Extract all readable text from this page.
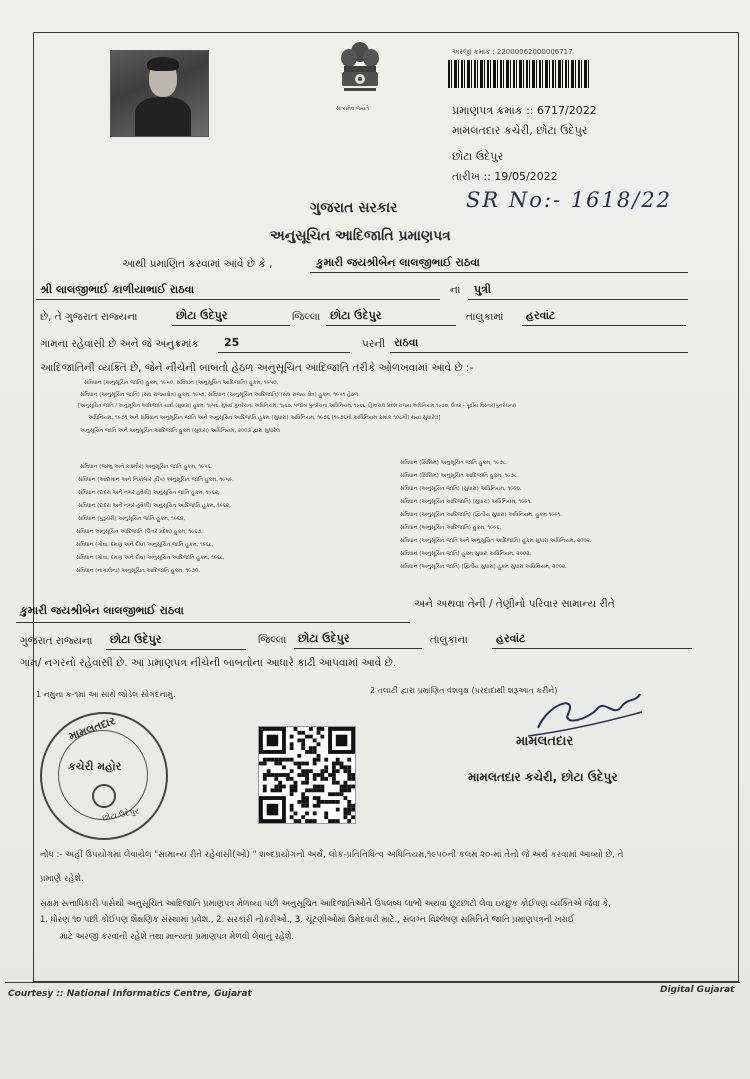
સત્યમેવ જયતે
અરજી ક્રમાંક : 22000062000006717
પ્રમાણપત્ર ક્રમાંક :: 6717/2022
મામલતદાર કચેરી, છોટા ઉદેપુર
છોટા ઉદેપુર
તારીખ :: 19/05/2022
SR No:- 1618/22
ગુજરાત સરકાર
અનુસૂચિત આદિજાતિ પ્રમાણપત્ર
આથી પ્રમાણિત કરવામાં આવે છે કે ,	કુમારી જયશ્રીબેન લાલજીભાઈ રાઠવા
શ્રી લાલજીભાઈ કાળીયાભાઈ રાઠવા	ના પુત્રી
છે, તે ગુજરાત રાજ્યના	છોટા ઉદેપુર	જિલ્લા છોટા ઉદેપુર	તાલુકામાં હરવાંટ
ગામના રહેવાસી છે અને જે અનુક્રમાંક 25	પરની રાઠવા
આદિજાતિની વ્યક્તિ છે, જેને નીચેની બાબતો હેઠળ અનુસૂચિત આદિજાતિ તરીકે ઓળખવામાં આવે છે :-
સંવિધાન (અનુસૂચિત જાતિ) હુકમ, ૧૯૫૦, સંવિધાન (અનુસૂચિત આદિજાતિ) હુકમ, ૧૯૫૦,
સંવિધાન (અનુસૂચિત જાતિ) (સંઘ રાજ્યક્ષેત્ર) હુકમ, ૧૯૫૧, સંવિધાન (અનુસૂચિત આદિજાતિ) (સંઘ રાજ્ય ક્ષેત્ર) હુકમ, ૧૯૫૧ હેઠળ.
[અનુસૂચિત જાતિ / અનુસૂચિત આદિજાતિ યાદી (સુધારા) હુકમ, ૧૯૫૬, મુંબઈ પુનર્રચના અધિનિયમ, ૧૯૬૦, પંજાબ પુનર્રચના અધિનિયમ, ૧૯૬૬, હિમાચલ પ્રદેશ રાજ્ય અધિનિયમ,૧૯૭૦, ઉત્તર - પૂર્વીય વિસ્તાર(પુનર્રચના)
અધિનિયમ, ૧૯૭૧ અને સંવિધાન અનુસૂચિત જાતિ અને અનુસૂચિત આદિજાતિ હુકમ (સુધારા) અધિનિયમ, ૧૯૭૬ (૧૯૭૬નો અધિનિયમ ક્રમાંક ૧૦૮મો) થયા સુધારેલ]
અનુસૂચિત જાતિ અને અનુસૂચિત આદિજાતિ હુકમ (સુધારા) અધિનિયમ, ૨૦૦૩ દ્વારા સુધારેલ
સંવિધાન (જમ્મુ અને કાશ્મીર) અનુસૂચિત જાતિ હુકમ, ૧૯૫૬.
સંવિધાન (આંદામાન અને નિકોબાર દ્વીપ) અનુસૂચિત જાતિ હુકમ, ૧૯૫૯,
સંવિધાન (દાદરા અને નગર હવેલી) અનુસૂચિત જાતિ હુકમ, ૧૯૬૨,
સંવિધાન (દાદરા અને નગર હવેલી) અનુસૂચિત આદિજાતિ હુકમ, ૧૯૬૨,
સંવિધાન (પુડુચેરી) અનુસૂચિત જાતિ હુકમ, ૧૯૬૪,
સંવિધાન અનુસૂચિત આદિજાતિ (ઉત્તર પ્રદેશ) હુકમ, ૧૯૬૭,
સંવિધાન (ગોવા, દમણ અને દીવ) અનુસૂચિત જાતિ હુકમ, ૧૯૬૮,
સંવિધાન (ગોવા, દમણ અને દીવ) અનુસૂચિત આદિજાતિ હુકમ, ૧૯૬૮,
સંવિધાન (નાગાલેન્ડ) અનુસૂચિત આદિજાતિ હુકમ, ૧૯૭૦.
સંવિધાન (સિક્કિમ) અનુસૂચિત જાતિ હુકમ, ૧૯૭૮.
સંવિધાન (સિક્કિમ) અનુસૂચિત આદિજાતિ હુકમ, ૧૯૭૮.
સંવિધાન (અનુસૂચિત જાતિ) (સુધારા) અધિનિયમ, ૧૯૯૦.
સંવિધાન (અનુસૂચિત આદિજાતિ) (સુધારા) અધિનિયમ, ૧૯૯૧.
સંવિધાન (અનુસૂચિત આદિજાતિ) (દ્વિતીય સુધારા) અધિનિયમ, હુકમ ૧૯૯૧.
સંવિધાન (અનુસૂચિત આદિજાતિ) હુકમ, ૧૯૯૬.
સંવિધાન (અનુસૂચિત જાતિ અને અનુસૂચિત આદિજાતિ) હુકમ સુધારા અધિનિયમ, ૨૦૦૨.
સંવિધાન (અનુસૂચિત જાતિ) હુકમ સુધારા અધિનિયમ, ૨૦૦૨.
સંવિધાન (અનુસૂચિત જાતિ) (દ્વિતીય સુધારા) હુકમ સુધારા અધિનિયમ, ૨૦૦૨.
કુમારી જયશ્રીબેન લાલજીભાઈ રાઠવા	અને અથવા તેની / તેણીનો પરિવાર સામાન્ય રીતે
ગુજરાત રાજ્યના છોટા ઉદેપુર	જિલ્લા છોટા ઉદેપુર	તાલુકાના	હરવાંટ
ગામ/ નગરનો રહેવાસી છે. આ પ્રમાણપત્ર નીચેની બાબતોના આધારે કાઢી આપવામાં આવે છે.
1 નમુના ક-૧માં આ સાથે જોડેલ સોગંદનામું.	2 તલાટી દ્વારા પ્રમાણિત વંશવૃક્ષ (પરદાદાથી શરૂઆત કરીને)
મામલતદાર
કચેરી મહોર
છોટા ઉદેપુર
મામલતદાર
મામલતદાર કચેરી, છોટા ઉદેપુર
નોંધ :- અહીં ઉપયોગમાં લેવાયેલ "સામાન્ય રીતે રહેવાસી(ઓ) " શબ્દપ્રયોગનો અર્થ, લોક-પ્રતિનિધિત્વ અધિનિયમ,૧૯૫૦ની કલમ ૨૦-માં તેનો જે અર્થ કરવામાં આવ્યો છે, તે
પ્રમાણે રહેશે.
સક્ષમ સત્તાધિકારી પાસેથી અનુસૂચિત આદિજાતિ પ્રમાણપત્ર મેળવ્યા પછી અનુસૂચિત આદિજાતિઓને ઉપલબ્ધ લાભો અથવા છૂટછાટો લેવા ઇચ્છુક કોઈપણ વ્યક્તિએ જેવા કે,
1. ધોરણ ૧૦ પછી કોઈપણ શૈક્ષણિક સંસ્થામાં પ્રવેશ., 2. સરકારી નોકરીઓ., 3. ચૂંટણીઓમાં ઉમેદવારી માટે., સંલગ્ન વિશ્લેષણ સમિતિને જાતિ પ્રમાણપત્રની ખરાઈ
માટે અરજી કરવાની રહેશે તથા માન્યતા પ્રમાણપત્ર મેળવી લેવાનું રહેશે.
Courtesy :: National Informatics Centre, Gujarat	Digital Gujarat
